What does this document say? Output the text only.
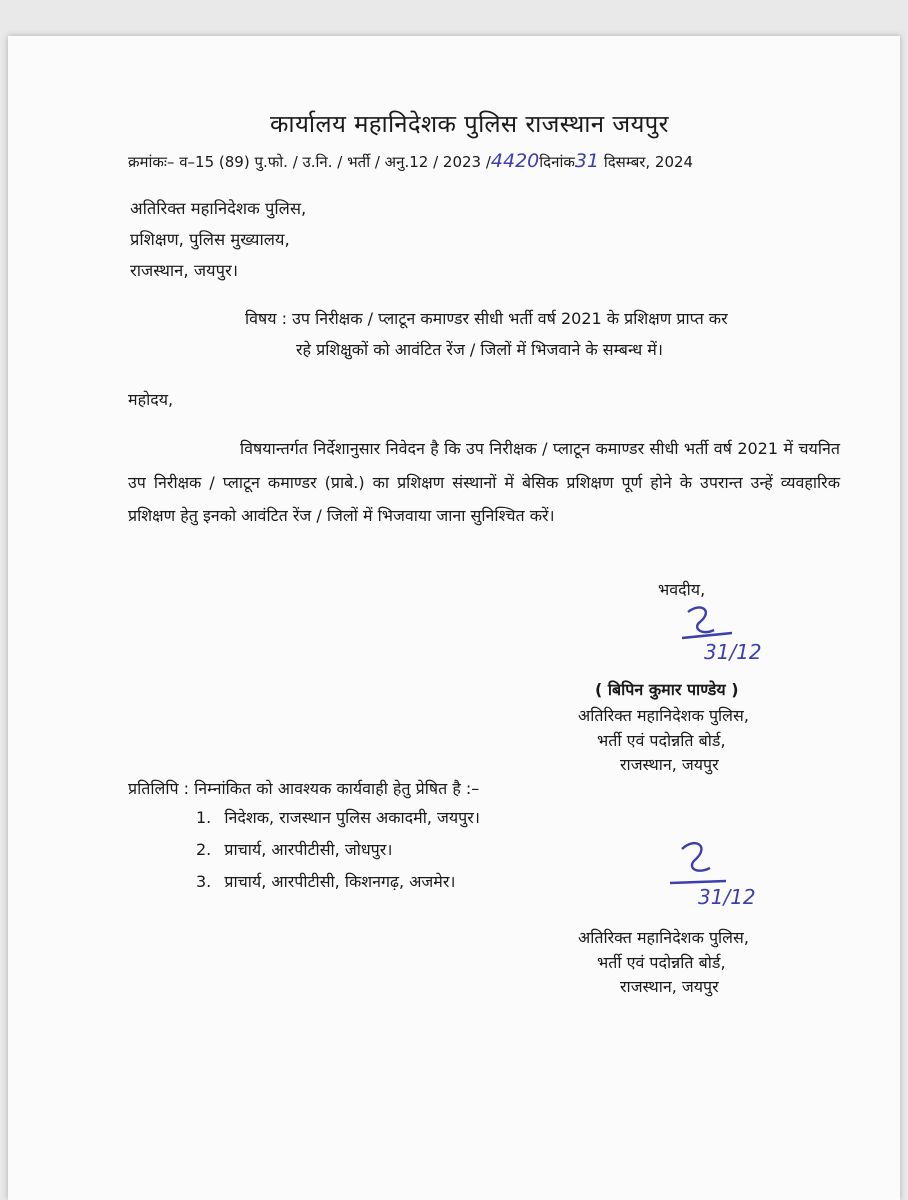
कार्यालय महानिदेशक पुलिस राजस्थान जयपुर
क्रमांकः– व–15 (89) पु.फो. / उ.नि. / भर्ती / अनु.12 / 2023 /4420दिनांक31 दिसम्बर, 2024
अतिरिक्त महानिदेशक पुलिस,
प्रशिक्षण, पुलिस मुख्यालय,
राजस्थान, जयपुर।
विषय : उप निरीक्षक / प्लाटून कमाण्डर सीधी भर्ती वर्ष 2021 के प्रशिक्षण प्राप्त कर
रहे प्रशिक्षुकों को आवंटित रेंज / जिलों में भिजवाने के सम्बन्ध में।
महोदय,
विषयान्तर्गत निर्देशानुसार निवेदन है कि उप निरीक्षक / प्लाटून कमाण्डर सीधी भर्ती वर्ष 2021 में चयनित उप निरीक्षक / प्लाटून कमाण्डर (प्राबे.) का प्रशिक्षण संस्थानों में बेसिक प्रशिक्षण पूर्ण होने के उपरान्त उन्हें व्यवहारिक प्रशिक्षण हेतु इनको आवंटित रेंज / जिलों में भिजवाया जाना सुनिश्चित करें।
भवदीय,
31/12
( बिपिन कुमार पाण्डेय )
अतिरिक्त महानिदेशक पुलिस,
भर्ती एवं पदोन्नति बोर्ड,
राजस्थान, जयपुर
प्रतिलिपि : निम्नांकित को आवश्यक कार्यवाही हेतु प्रेषित है :–
1. निदेशक, राजस्थान पुलिस अकादमी, जयपुर।
2. प्राचार्य, आरपीटीसी, जोधपुर।
3. प्राचार्य, आरपीटीसी, किशनगढ़, अजमेर।
31/12
अतिरिक्त महानिदेशक पुलिस,
भर्ती एवं पदोन्नति बोर्ड,
राजस्थान, जयपुर
